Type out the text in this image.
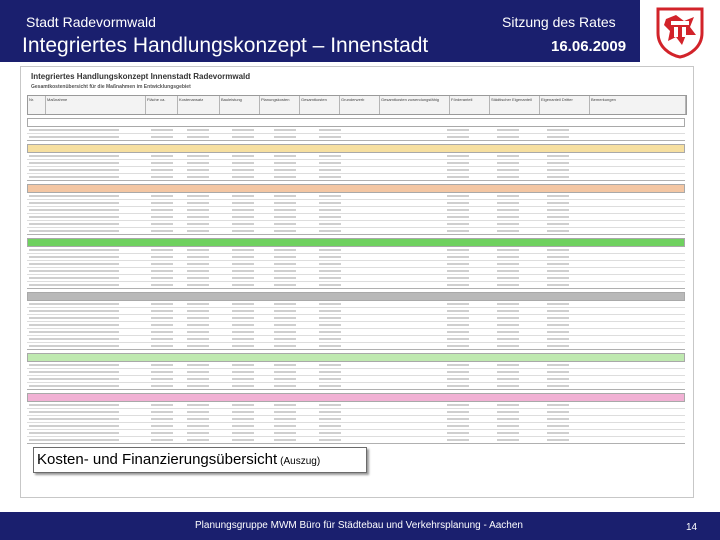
Stadt Radevormwald
Integriertes Handlungskonzept – Innenstadt
Sitzung des Rates
16.06.2009
Integriertes Handlungskonzept Innenstadt Radevormwald
Gesamtkostenübersicht für die Maßnahmen im Entwicklungsgebiet
Nr.	Maßnahme	Fläche ca.	Kostenansatz	Bauleistung	Planungskosten	Gesamtkosten	Grunderwerb	Gesamtkosten zuwendungsfähig	Förderanteil	Städtischer Eigenanteil	Eigenanteil Dritter	Bemerkungen
Kosten- und Finanzierungsübersicht (Auszug)
Planungsgruppe MWM Büro für Städtebau und Verkehrsplanung - Aachen	14
